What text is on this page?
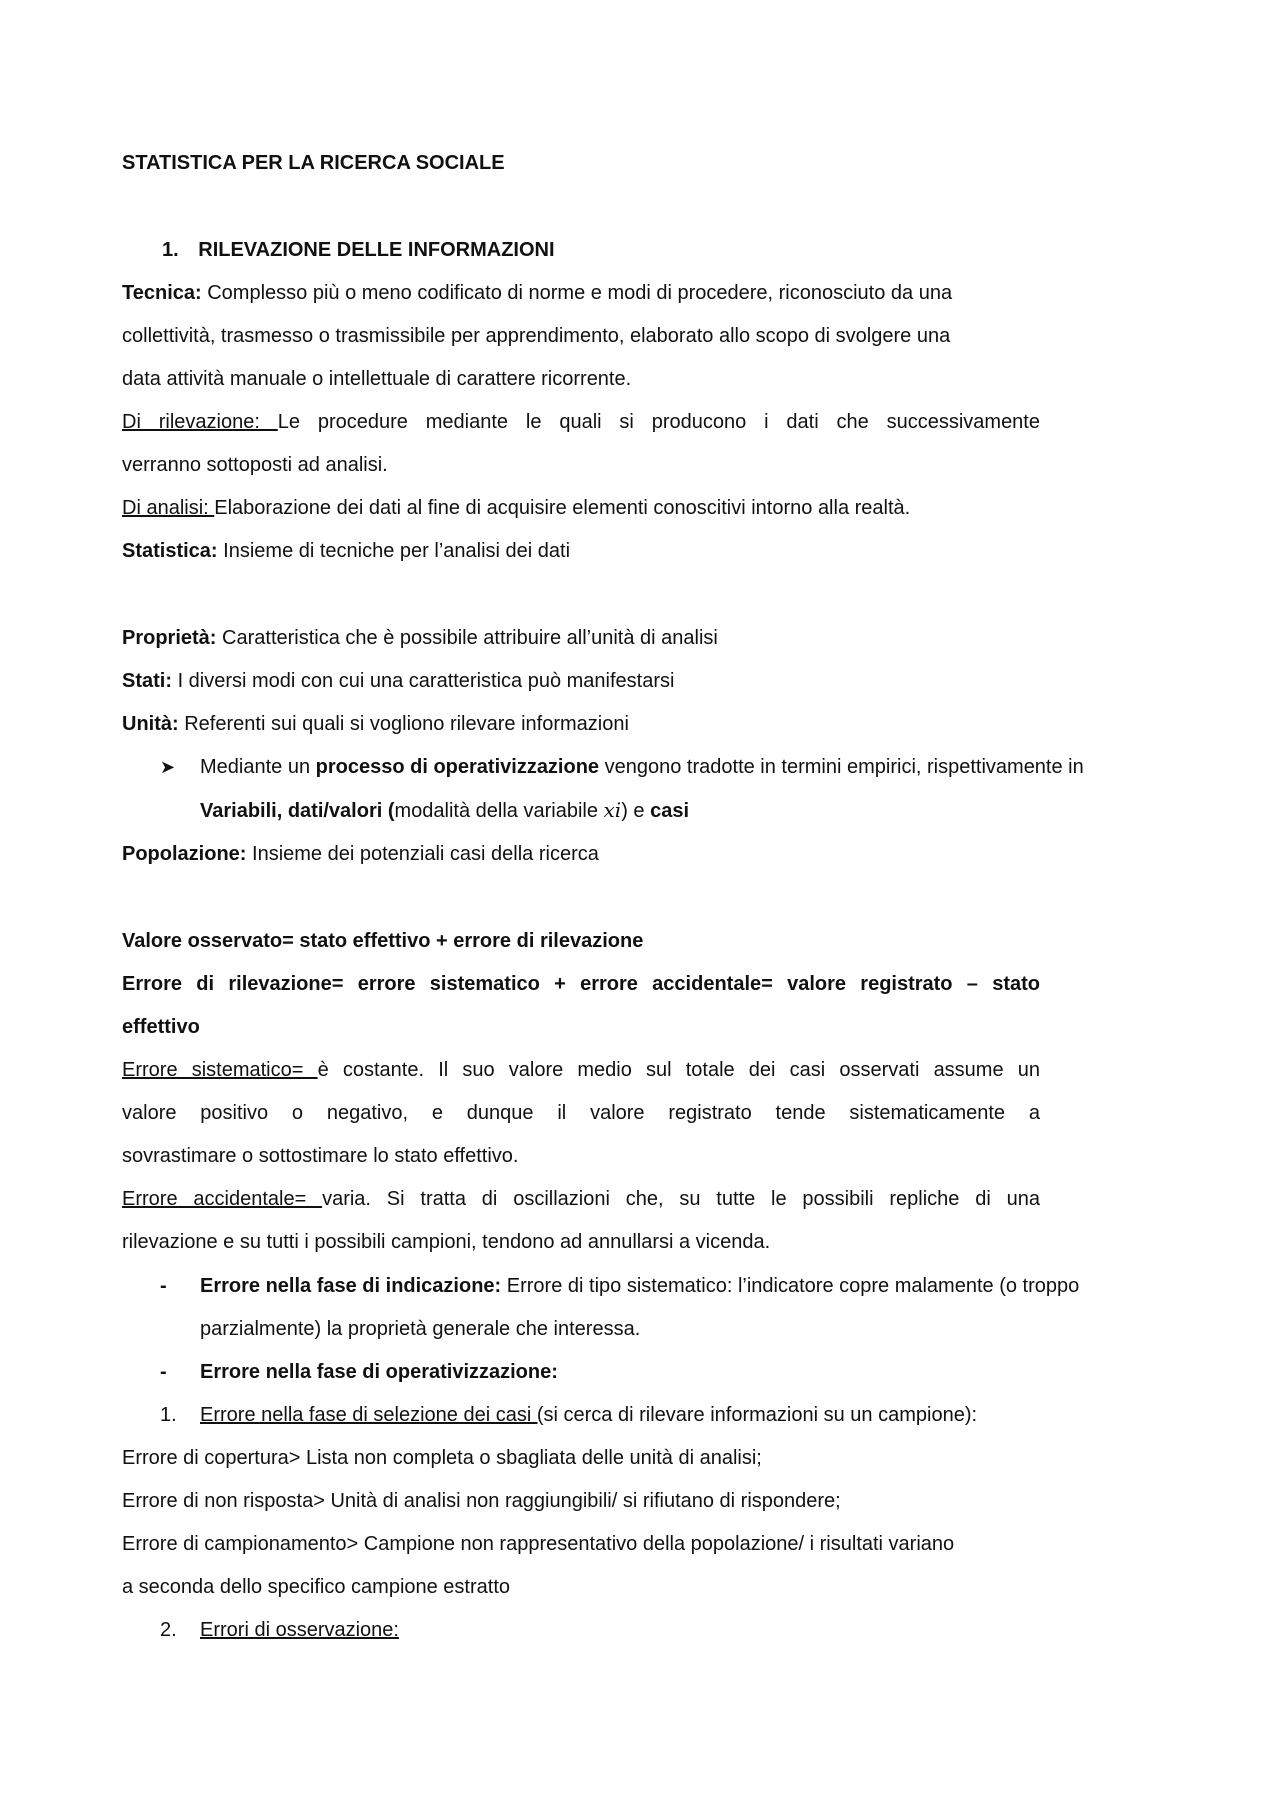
STATISTICA PER LA RICERCA SOCIALE
1. RILEVAZIONE DELLE INFORMAZIONI
Tecnica: Complesso più o meno codificato di norme e modi di procedere, riconosciuto da una
collettività, trasmesso o trasmissibile per apprendimento, elaborato allo scopo di svolgere una
data attività manuale o intellettuale di carattere ricorrente.
Di rilevazione: Le procedure mediante le quali si producono i dati che successivamente
verranno sottoposti ad analisi.
Di analisi: Elaborazione dei dati al fine di acquisire elementi conoscitivi intorno alla realtà.
Statistica: Insieme di tecniche per l’analisi dei dati
Proprietà: Caratteristica che è possibile attribuire all’unità di analisi
Stati: I diversi modi con cui una caratteristica può manifestarsi
Unità: Referenti sui quali si vogliono rilevare informazioni
➤ Mediante un processo di operativizzazione vengono tradotte in termini empirici, rispettivamente in
Variabili, dati/valori (modalità della variabile xi) e casi
Popolazione: Insieme dei potenziali casi della ricerca
Valore osservato= stato effettivo + errore di rilevazione
Errore di rilevazione= errore sistematico + errore accidentale= valore registrato – stato
effettivo
Errore sistematico= è costante. Il suo valore medio sul totale dei casi osservati assume un
valore positivo o negativo, e dunque il valore registrato tende sistematicamente a
sovrastimare o sottostimare lo stato effettivo.
Errore accidentale= varia. Si tratta di oscillazioni che, su tutte le possibili repliche di una
rilevazione e su tutti i possibili campioni, tendono ad annullarsi a vicenda.
- Errore nella fase di indicazione: Errore di tipo sistematico: l’indicatore copre malamente (o troppo
parzialmente) la proprietà generale che interessa.
- Errore nella fase di operativizzazione:
1. Errore nella fase di selezione dei casi (si cerca di rilevare informazioni su un campione):
Errore di copertura> Lista non completa o sbagliata delle unità di analisi;
Errore di non risposta> Unità di analisi non raggiungibili/ si rifiutano di rispondere;
Errore di campionamento> Campione non rappresentativo della popolazione/ i risultati variano
a seconda dello specifico campione estratto
2. Errori di osservazione:
